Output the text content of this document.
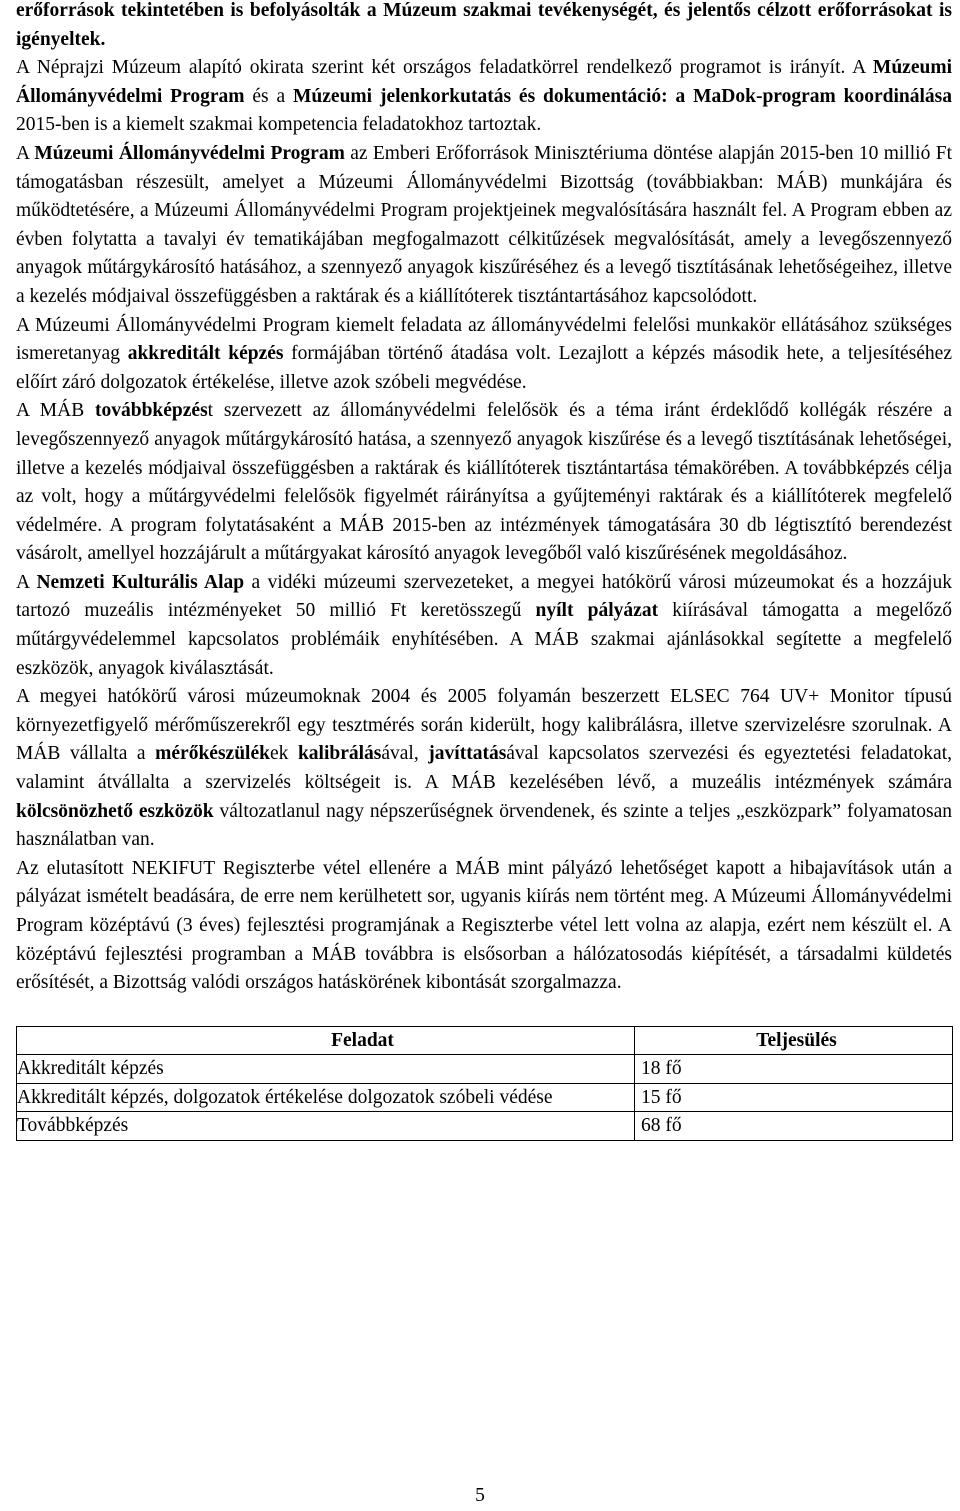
erőforrások tekintetében is befolyásolták a Múzeum szakmai tevékenységét, és jelentős célzott erőforrásokat is igényeltek.

A Néprajzi Múzeum alapító okirata szerint két országos feladatkörrel rendelkező programot is irányít. A Múzeumi Állományvédelmi Program és a Múzeumi jelenkorkutatás és dokumentáció: a MaDok-program koordinálása 2015-ben is a kiemelt szakmai kompetencia feladatokhoz tartoztak.

A Múzeumi Állományvédelmi Program az Emberi Erőforrások Minisztériuma döntése alapján 2015-ben 10 millió Ft támogatásban részesült, amelyet a Múzeumi Állományvédelmi Bizottság (továbbiakban: MÁB) munkájára és működtetésére, a Múzeumi Állományvédelmi Program projektjeinek megvalósítására használt fel. A Program ebben az évben folytatta a tavalyi év tematikájában megfogalmazott célkitűzések megvalósítását, amely a levegőszennyező anyagok műtárgykárosító hatásához, a szennyező anyagok kiszűréséhez és a levegő tisztításának lehetőségeihez, illetve a kezelés módjaival összefüggésben a raktárak és a kiállítóterek tisztántartásához kapcsolódott.

A Múzeumi Állományvédelmi Program kiemelt feladata az állományvédelmi felelősi munkakör ellátásához szükséges ismeretanyag akkreditált képzés formájában történő átadása volt. Lezajlott a képzés második hete, a teljesítéséhez előírt záró dolgozatok értékelése, illetve azok szóbeli megvédése.

A MÁB továbbképzést szervezett az állományvédelmi felelősök és a téma iránt érdeklődő kollégák részére a levegőszennyező anyagok műtárgykárosító hatása, a szennyező anyagok kiszűrése és a levegő tisztításának lehetőségei, illetve a kezelés módjaival összefüggésben a raktárak és kiállítóterek tisztántartása témakörében. A továbbképzés célja az volt, hogy a műtárgyvédelmi felelősök figyelmét ráirányítsa a gyűjteményi raktárak és a kiállítóterek megfelelő védelmére. A program folytatásaként a MÁB 2015-ben az intézmények támogatására 30 db légtisztító berendezést vásárolt, amellyel hozzájárult a műtárgyakat károsító anyagok levegőből való kiszűrésének megoldásához.

A Nemzeti Kulturális Alap a vidéki múzeumi szervezeteket, a megyei hatókörű városi múzeumokat és a hozzájuk tartozó muzeális intézményeket 50 millió Ft keretösszegű nyílt pályázat kiírásával támogatta a megelőző műtárgyvédelemmel kapcsolatos problémáik enyhítésében. A MÁB szakmai ajánlásokkal segítette a megfelelő eszközök, anyagok kiválasztását.

A megyei hatókörű városi múzeumoknak 2004 és 2005 folyamán beszerzett ELSEC 764 UV+ Monitor típusú környezetfigyelő mérőműszerekről egy tesztmérés során kiderült, hogy kalibrálásra, illetve szervizelésre szorulnak. A MÁB vállalta a mérőkészülékek kalibrálásával, javíttatásával kapcsolatos szervezési és egyeztetési feladatokat, valamint átvállalta a szervizelés költségeit is. A MÁB kezelésében lévő, a muzeális intézmények számára kölcsönözhető eszközök változatlanul nagy népszerűségnek örvendenek, és szinte a teljes „eszközpark” folyamatosan használatban van.

Az elutasított NEKIFUT Regiszterbe vétel ellenére a MÁB mint pályázó lehetőséget kapott a hibajavítások után a pályázat ismételt beadására, de erre nem kerülhetett sor, ugyanis kiírás nem történt meg. A Múzeumi Állományvédelmi Program középtávú (3 éves) fejlesztési programjának a Regiszterbe vétel lett volna az alapja, ezért nem készült el. A középtávú fejlesztési programban a MÁB továbbra is elsősorban a hálózatosodás kiépítését, a társadalmi küldetés erősítését, a Bizottság valódi országos hatáskörének kibontását szorgalmazza.

Feladat	Teljesülés
Akkreditált képzés	18 fő
Akkreditált képzés, dolgozatok értékelése dolgozatok szóbeli védése	15 fő
Továbbképzés	68 fő
5
